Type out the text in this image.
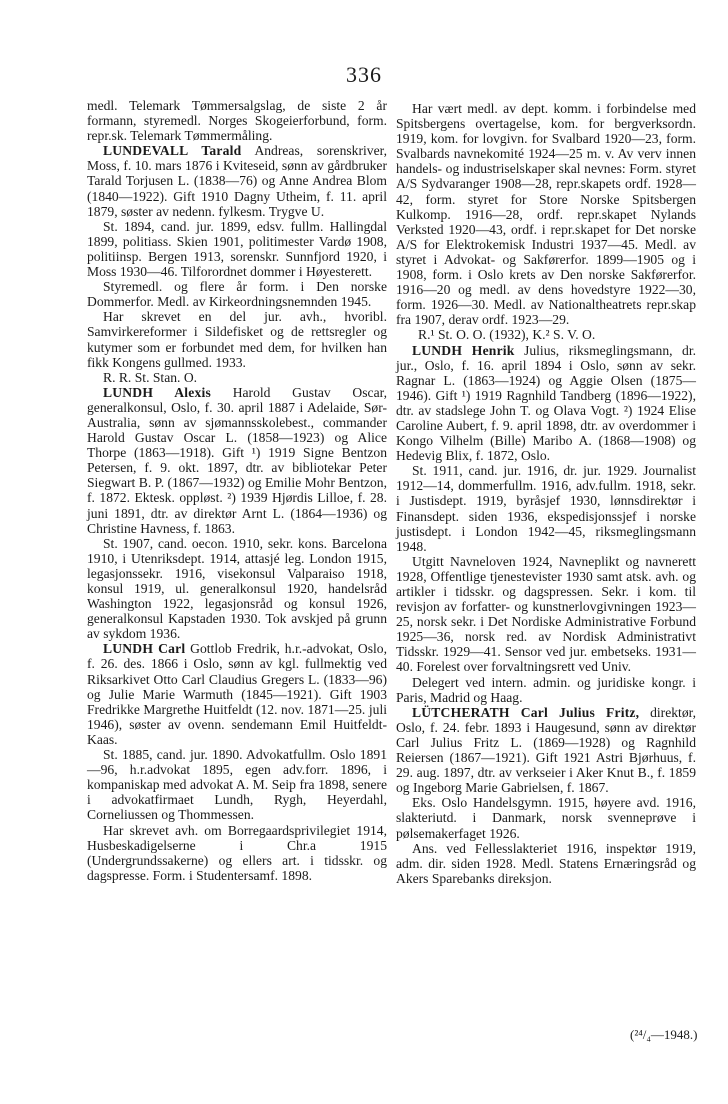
336

medl. Telemark Tømmersalgslag, de siste 2 år formann, styremedl. Norges Skogeierforbund, form. repr.sk. Telemark Tømmermåling.

LUNDEVALL Tarald Andreas, sorenskriver, Moss, f. 10. mars 1876 i Kviteseid, sønn av gårdbruker Tarald Torjusen L. (1838—76) og Anne Andrea Blom (1840—1922). Gift 1910 Dagny Utheim, f. 11. april 1879, søster av nedenn. fylkesm. Trygve U.

St. 1894, cand. jur. 1899, edsv. fullm. Hallingdal 1899, politiass. Skien 1901, politimester Vardø 1908, politiinsp. Bergen 1913, sorenskr. Sunnfjord 1920, i Moss 1930—46. Tilforordnet dommer i Høyesterett.

Styremedl. og flere år form. i Den norske Dommerfor. Medl. av Kirkeordningsnemnden 1945.

Har skrevet en del jur. avh., hvoribl. Samvirkereformer i Sildefisket og de rettsregler og kutymer som er forbundet med dem, for hvilken han fikk Kongens gullmed. 1933.

R. R. St. Stan. O.

LUNDH Alexis Harold Gustav Oscar, generalkonsul, Oslo, f. 30. april 1887 i Adelaide, Sør-Australia, sønn av sjømannsskolebest., commander Harold Gustav Oscar L. (1858—1923) og Alice Thorpe (1863—1918). Gift ¹) 1919 Signe Bentzon Petersen, f. 9. okt. 1897, dtr. av bibliotekar Peter Siegwart B. P. (1867—1932) og Emilie Mohr Bentzon, f. 1872. Ektesk. oppløst. ²) 1939 Hjørdis Lilloe, f. 28. juni 1891, dtr. av direktør Arnt L. (1864—1936) og Christine Havness, f. 1863.

St. 1907, cand. oecon. 1910, sekr. kons. Barcelona 1910, i Utenriksdept. 1914, attasjé leg. London 1915, legasjonssekr. 1916, visekonsul Valparaiso 1918, konsul 1919, ul. generalkonsul 1920, handelsråd Washington 1922, legasjonsråd og konsul 1926, generalkonsul Kapstaden 1930. Tok avskjed på grunn av sykdom 1936.

LUNDH Carl Gottlob Fredrik, h.r.-advokat, Oslo, f. 26. des. 1866 i Oslo, sønn av kgl. fullmektig ved Riksarkivet Otto Carl Claudius Gregers L. (1833—96) og Julie Marie Warmuth (1845—1921). Gift 1903 Fredrikke Margrethe Huitfeldt (12. nov. 1871—25. juli 1946), søster av ovenn. sendemann Emil Huitfeldt-Kaas.

St. 1885, cand. jur. 1890. Advokatfullm. Oslo 1891—96, h.r.advokat 1895, egen adv.forr. 1896, i kompaniskap med advokat A. M. Seip fra 1898, senere i advokatfirmaet Lundh, Rygh, Heyerdahl, Corneliussen og Thommessen.

Har skrevet avh. om Borregaardsprivilegiet 1914, Husbeskadigelserne i Chr.a 1915 (Undergrundssakerne) og ellers art. i tidsskr. og dagspresse. Form. i Studentersamf. 1898.

Har vært medl. av dept. komm. i forbindelse med Spitsbergens overtagelse, kom. for bergverksordn. 1919, kom. for lovgivn. for Svalbard 1920—23, form. Svalbards navnekomité 1924—25 m. v. Av verv innen handels- og industriselskaper skal nevnes: Form. styret A/S Sydvaranger 1908—28, repr.skapets ordf. 1928—42, form. styret for Store Norske Spitsbergen Kulkomp. 1916—28, ordf. repr.skapet Nylands Verksted 1920—43, ordf. i repr.skapet for Det norske A/S for Elektrokemisk Industri 1937—45. Medl. av styret i Advokat- og Sakførerfor. 1899—1905 og i 1908, form. i Oslo krets av Den norske Sakførerfor. 1916—20 og medl. av dens hovedstyre 1922—30, form. 1926—30. Medl. av Nationaltheatrets repr.skap fra 1907, derav ordf. 1923—29.

R.¹ St. O. O. (1932), K.² S. V. O.

LUNDH Henrik Julius, riksmeglingsmann, dr. jur., Oslo, f. 16. april 1894 i Oslo, sønn av sekr. Ragnar L. (1863—1924) og Aggie Olsen (1875—1946). Gift ¹) 1919 Ragnhild Tandberg (1896—1922), dtr. av stadslege John T. og Olava Vogt. ²) 1924 Elise Caroline Aubert, f. 9. april 1898, dtr. av overdommer i Kongo Vilhelm (Bille) Maribo A. (1868—1908) og Hedevig Blix, f. 1872, Oslo.

St. 1911, cand. jur. 1916, dr. jur. 1929. Journalist 1912—14, dommerfullm. 1916, adv.fullm. 1918, sekr. i Justisdept. 1919, byråsjef 1930, lønnsdirektør i Finansdept. siden 1936, ekspedisjonssjef i norske justisdept. i London 1942—45, riksmeglingsmann 1948.

Utgitt Navneloven 1924, Navneplikt og navnerett 1928, Offentlige tjenestevister 1930 samt atsk. avh. og artikler i tidsskr. og dagspressen. Sekr. i kom. til revisjon av forfatter- og kunstnerlovgivningen 1923—25, norsk sekr. i Det Nordiske Administrative Forbund 1925—36, norsk red. av Nordisk Administrativt Tidsskr. 1929—41. Sensor ved jur. embetseks. 1931—40. Forelest over forvaltningsrett ved Univ.

Delegert ved intern. admin. og juridiske kongr. i Paris, Madrid og Haag.

LÜTCHERATH Carl Julius Fritz, direktør, Oslo, f. 24. febr. 1893 i Haugesund, sønn av direktør Carl Julius Fritz L. (1869—1928) og Ragnhild Reiersen (1867—1921). Gift 1921 Astri Bjørhuus, f. 29. aug. 1897, dtr. av verkseier i Aker Knut B., f. 1859 og Ingeborg Marie Gabrielsen, f. 1867.

Eks. Oslo Handelsgymn. 1915, høyere avd. 1916, slakteriutd. i Danmark, norsk svenneprøve i pølsemakerfaget 1926.

Ans. ved Fellesslakteriet 1916, inspektør 1919, adm. dir. siden 1928. Medl. Statens Ernæringsråd og Akers Sparebanks direksjon.

(²⁴/₄—1948.)
